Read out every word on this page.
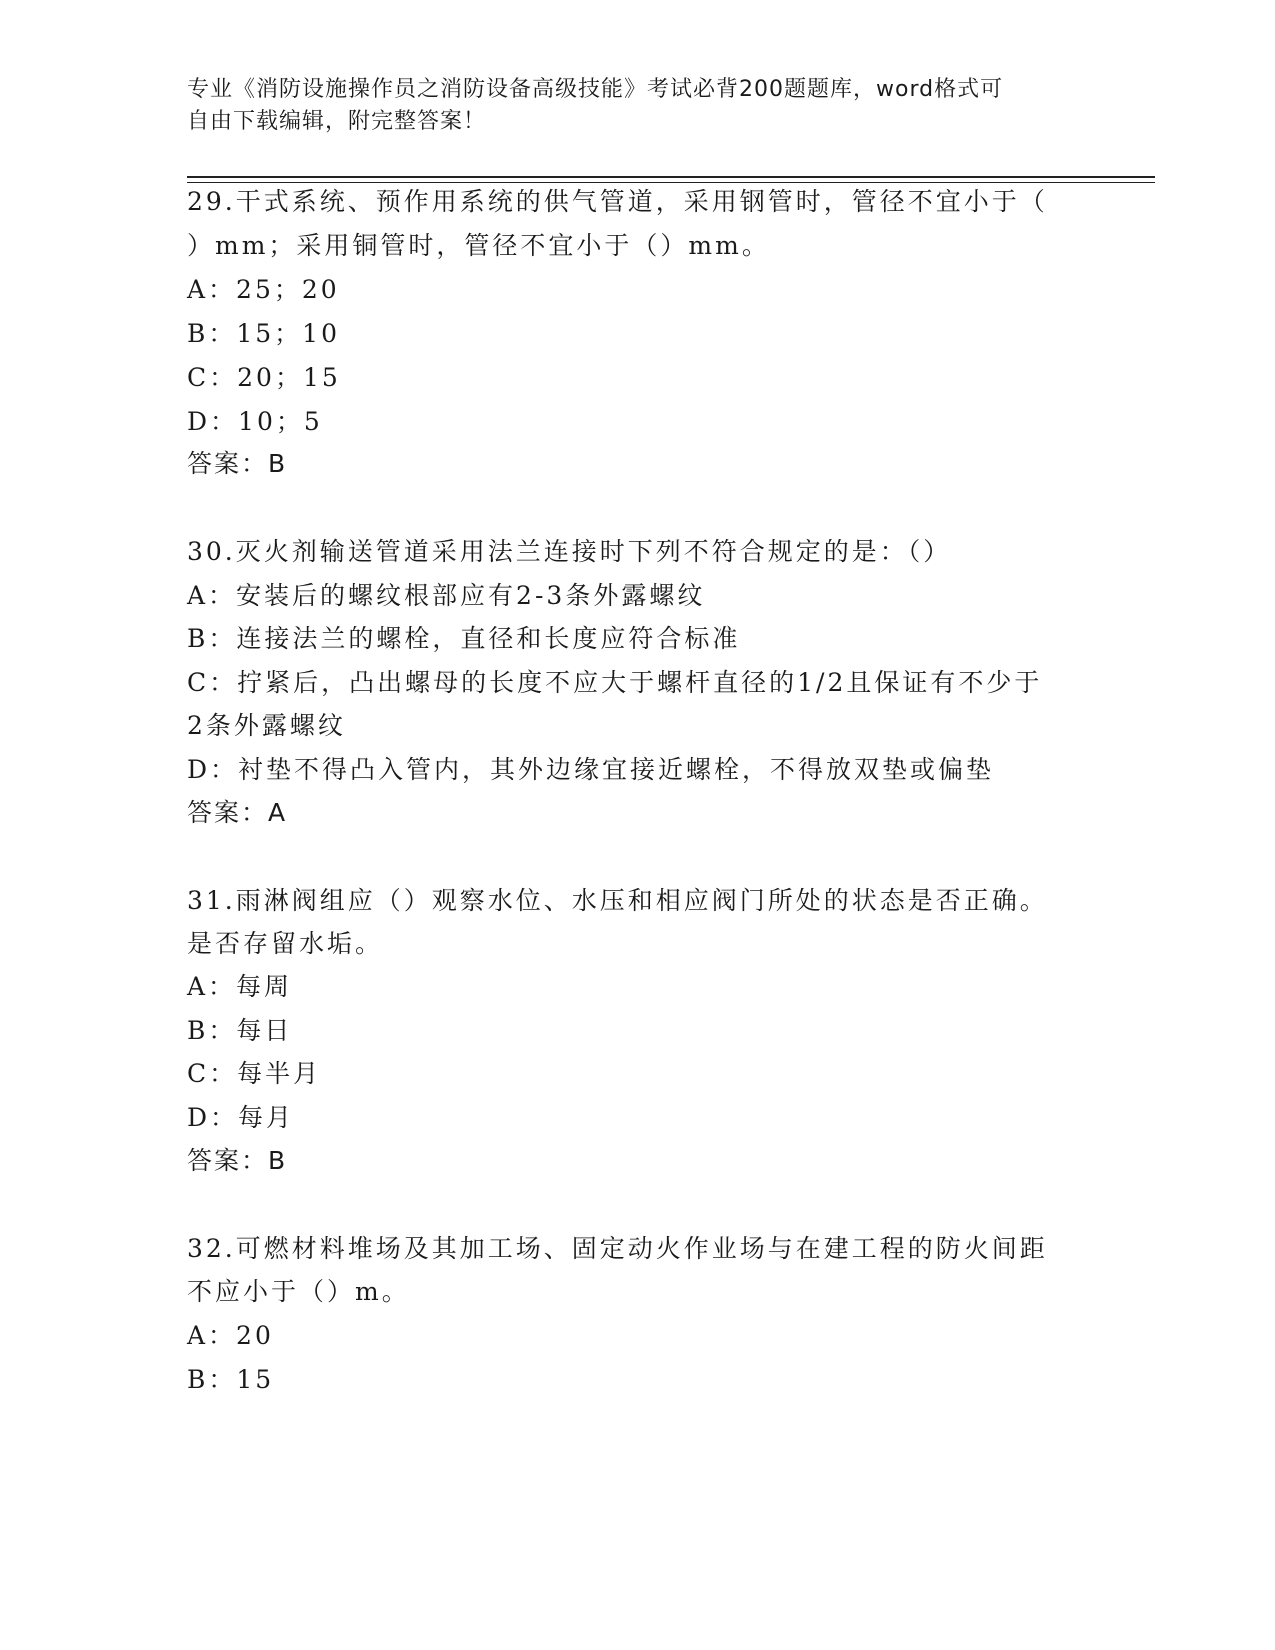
专业《消防设施操作员之消防设备高级技能》考试必背200题题库，word格式可
自由下载编辑，附完整答案！
29.干式系统、预作用系统的供气管道，采用钢管时，管径不宜小于（
）mm；采用铜管时，管径不宜小于（）mm。
A：25；20
B：15；10
C：20；15
D：10；5
答案：B
30.灭火剂输送管道采用法兰连接时下列不符合规定的是：（）
A：安装后的螺纹根部应有2-3条外露螺纹
B：连接法兰的螺栓，直径和长度应符合标准
C：拧紧后，凸出螺母的长度不应大于螺杆直径的1/2且保证有不少于
2条外露螺纹
D：衬垫不得凸入管内，其外边缘宜接近螺栓，不得放双垫或偏垫
答案：A
31.雨淋阀组应（）观察水位、水压和相应阀门所处的状态是否正确。
是否存留水垢。
A：每周
B：每日
C：每半月
D：每月
答案：B
32.可燃材料堆场及其加工场、固定动火作业场与在建工程的防火间距
不应小于（）m。
A：20
B：15
